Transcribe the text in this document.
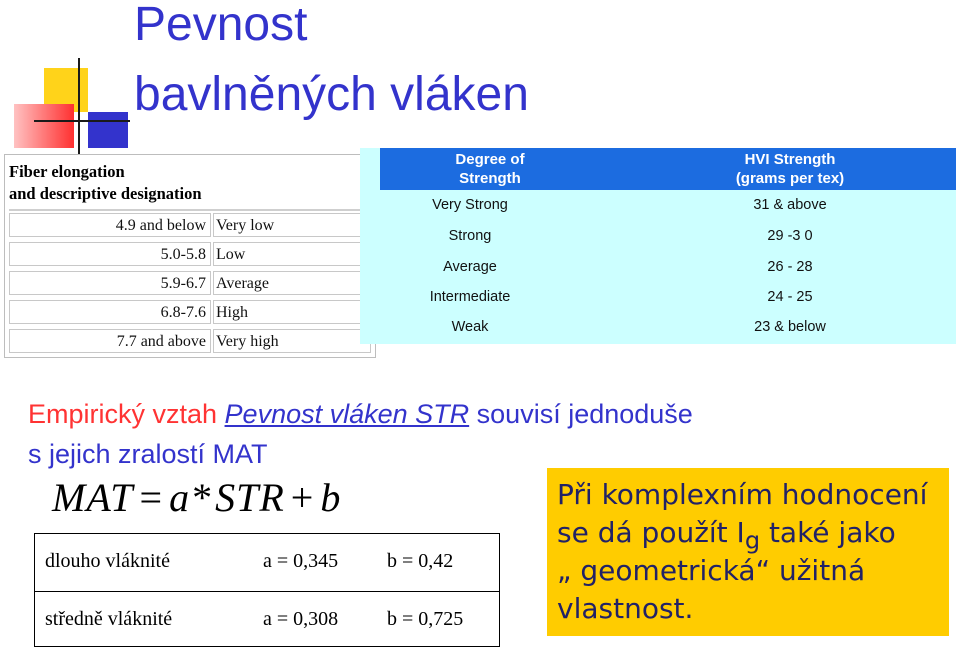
Pevnost
bavlněných vláken
Fiber elongation
and descriptive designation
4.9 and below Very low
5.0-5.8 Low
5.9-6.7 Average
6.8-7.6 High
7.7 and above Very high
Degree of
Strength
HVI Strength
(grams per tex)
Very Strong	31 & above
Strong	29 -3 0
Average	26 - 28
Intermediate	24 - 25
Weak	23 & below
Empirický vztah Pevnost vláken STR souvisí jednoduše
s jejich zralostí MAT
MAT = a*STR + b
dlouho vláknité	a = 0,345 b = 0,42
středně vláknité	a = 0,308 b = 0,725
Při komplexním hodnocení
se dá použít $I_g$ také jako
„ geometrická“ užitná
vlastnost.
